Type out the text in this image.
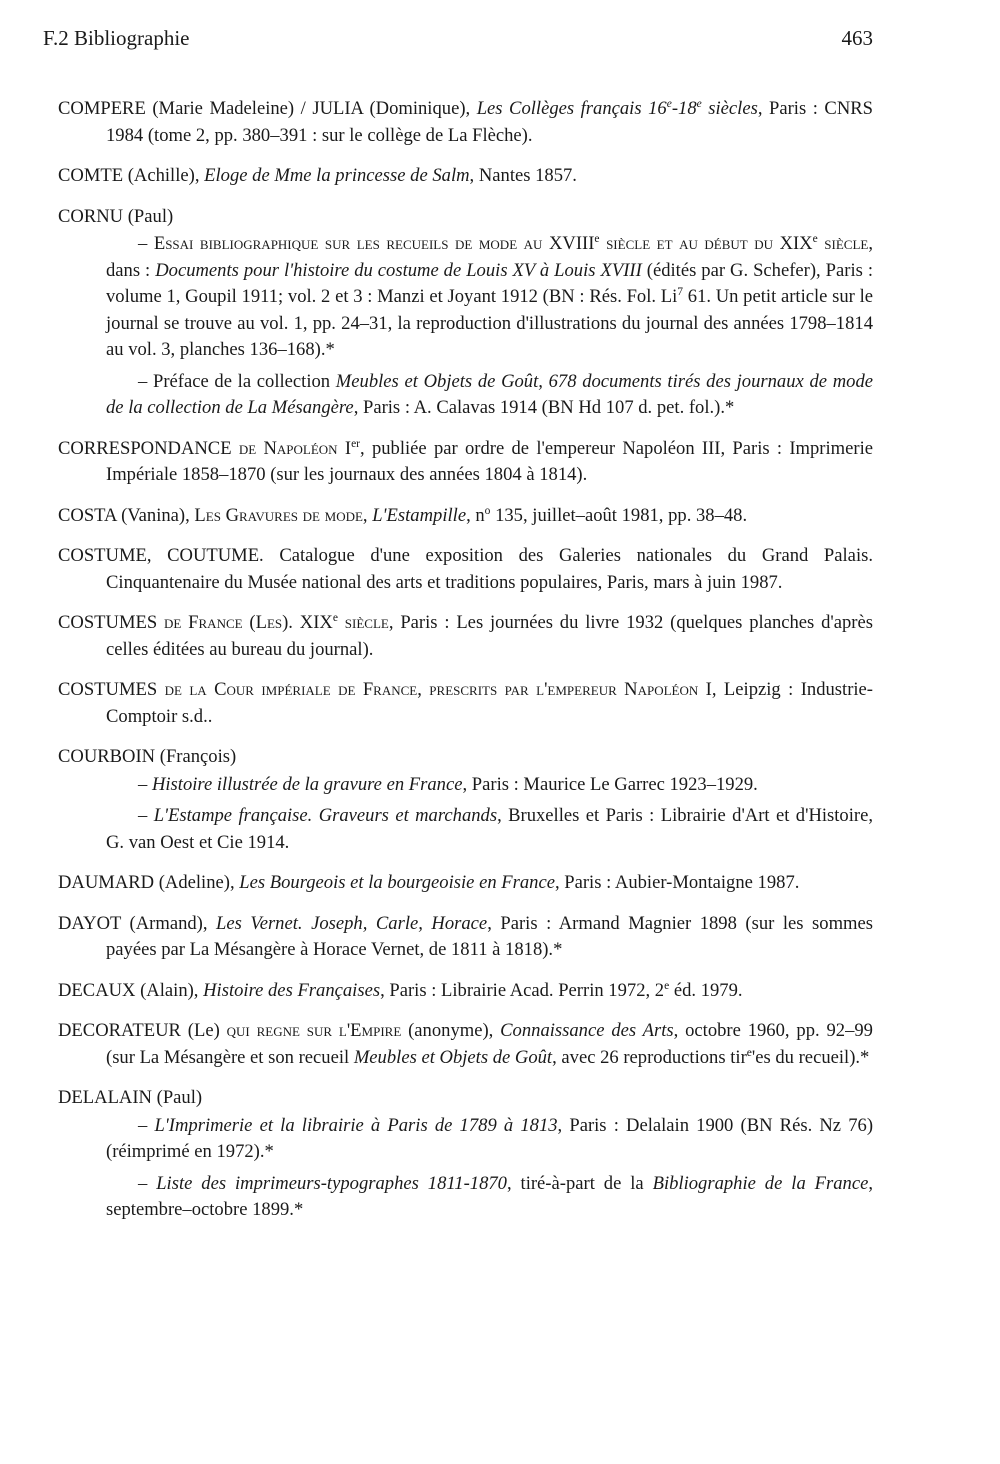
F.2 Bibliographie	463
COMPERE (Marie Madeleine) / JULIA (Dominique), Les Collèges français 16e-18e siècles, Paris : CNRS 1984 (tome 2, pp. 380–391 : sur le collège de La Flèche).
COMTE (Achille), Eloge de Mme la princesse de Salm, Nantes 1857.
CORNU (Paul)
– Essai bibliographique sur les recueils de mode au XVIIIe siècle et au début du XIXe siècle, dans : Documents pour l'histoire du costume de Louis XV à Louis XVIII (édités par G. Schefer), Paris : volume 1, Goupil 1911; vol. 2 et 3 : Manzi et Joyant 1912 (BN : Rés. Fol. Li$^7$ 61. Un petit article sur le journal se trouve au vol. 1, pp. 24–31, la reproduction d'illustrations du journal des années 1798–1814 au vol. 3, planches 136–168).*
– Préface de la collection Meubles et Objets de Goût, 678 documents tirés des journaux de mode de la collection de La Mésangère, Paris : A. Calavas 1914 (BN Hd 107 d. pet. fol.).*
CORRESPONDANCE de Napoléon Ier, publiée par ordre de l'empereur Napoléon III, Paris : Imprimerie Impériale 1858–1870 (sur les journaux des années 1804 à 1814).
COSTA (Vanina), Les Gravures de mode, L'Estampille, $n^o$ 135, juillet–août 1981, pp. 38–48.
COSTUME, COUTUME. Catalogue d'une exposition des Galeries nationales du Grand Palais. Cinquantenaire du Musée national des arts et traditions populaires, Paris, mars à juin 1987.
COSTUMES de France (Les). XIXe siècle, Paris : Les journées du livre 1932 (quelques planches d'après celles éditées au bureau du journal).
COSTUMES de la Cour impériale de France, prescrits par l'empereur Napoléon I, Leipzig : Industrie-Comptoir s.d..
COURBOIN (François)
– Histoire illustrée de la gravure en France, Paris : Maurice Le Garrec 1923–1929.
– L'Estampe française. Graveurs et marchands, Bruxelles et Paris : Librairie d'Art et d'Histoire, G. van Oest et Cie 1914.
DAUMARD (Adeline), Les Bourgeois et la bourgeoisie en France, Paris : Aubier-Montaigne 1987.
DAYOT (Armand), Les Vernet. Joseph, Carle, Horace, Paris : Armand Magnier 1898 (sur les sommes payées par La Mésangère à Horace Vernet, de 1811 à 1818).*
DECAUX (Alain), Histoire des Françaises, Paris : Librairie Acad. Perrin 1972, 2e éd. 1979.
DECORATEUR (Le) qui regne sur l'Empire (anonyme), Connaissance des Arts, octobre 1960, pp. 92–99 (sur La Mésangère et son recueil Meubles et Objets de Goût, avec 26 reproductions tir$^e$'es du recueil).*
DELALAIN (Paul)
– L'Imprimerie et la librairie à Paris de 1789 à 1813, Paris : Delalain 1900 (BN Rés. Nz 76) (réimprimé en 1972).*
– Liste des imprimeurs-typographes 1811-1870, tiré-à-part de la Bibliographie de la France, septembre–octobre 1899.*
